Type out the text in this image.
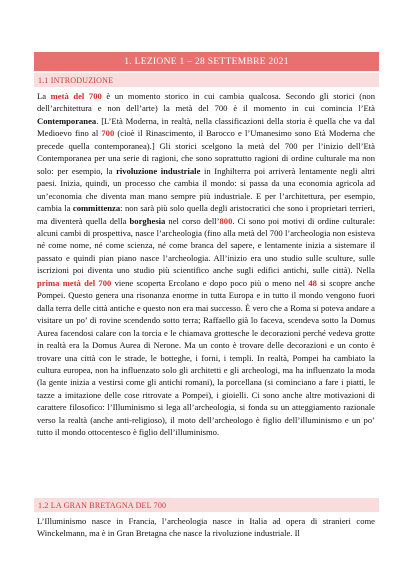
1. LEZIONE 1 – 28 SETTEMBRE 2021
1.1 INTRODUZIONE

La metà del 700 è un momento storico in cui cambia qualcosa. Secondo gli storici (non dell’architettura e non dell’arte) la metà del 700 è il momento in cui comincia l’Età Contemporanea. [L’Età Moderna, in realtà, nella classificazioni della storia è quella che va dal Medioevo fino al 700 (cioè il Rinascimento, il Barocco e l’Umanesimo sono Età Moderna che precede quella contemporanea).] Gli storici scelgono la metà del 700 per l’inizio dell’Età Contemporanea per una serie di ragioni, che sono soprattutto ragioni di ordine culturale ma non solo: per esempio, la rivoluzione industriale in Inghilterra poi arriverà lentamente negli altri paesi. Inizia, quindi, un processo che cambia il mondo: si passa da una economia agricola ad un’economia che diventa man mano sempre più industriale. E per l’architettura, per esempio, cambia la committenza: non sarà più solo quella degli aristocratici che sono i proprietari terrieri, ma diventerà quella della borghesia nel corso dell’800. Ci sono poi motivi di ordine culturale: alcuni cambi di prospettiva, nasce l’archeologia (fino alla metà del 700 l’archeologia non esisteva né come nome, né come scienza, né come branca del sapere, e lentamente inizia a sistemare il passato e quindi pian piano nasce l’archeologia. All’inizio era uno studio sulle sculture, sulle iscrizioni poi diventa uno studio più scientifico anche sugli edifici antichi, sulle città). Nella prima metà del 700 viene scoperta Ercolano e dopo poco più o meno nel 48 si scopre anche Pompei. Questo genera una risonanza enorme in tutta Europa e in tutto il mondo vengono fuori dalla terra delle città antiche e questo non era mai successo. È vero che a Roma si poteva andare a visitare un po’ di rovine scendendo sotto terra; Raffaello già lo faceva, scendeva sotto la Domus Aurea facendosi calare con la torcia e le chiamava grottesche le decorazioni perché vedeva grotte in realtà era la Domus Aurea di Nerone. Ma un conto è trovare delle decorazioni e un conto è trovare una città con le strade, le botteghe, i forni, i templi. In realtà, Pompei ha cambiato la cultura europea, non ha influenzato solo gli architetti e gli archeologi, ma ha influenzato la moda (la gente inizia a vestirsi come gli antichi romani), la porcellana (si cominciano a fare i piatti, le tazze a imitazione delle cose ritrovate a Pompei), i gioielli. Ci sono anche altre motivazioni di carattere filosofico: l’Illuminismo si lega all’archeologia, si fonda su un atteggiamento razionale verso la realtà (anche anti-religioso), il moto dell’archeologo è figlio dell’illuminismo e un po’ tutto il mondo ottocentesco è figlio dell’illuminismo.

1.2 LA GRAN BRETAGNA DEL 700

L’Illuminismo nasce in Francia, l’archeologia nasce in Italia ad opera di stranieri come Winckelmann, ma è in Gran Bretagna che nasce la rivoluzione industriale. Il
